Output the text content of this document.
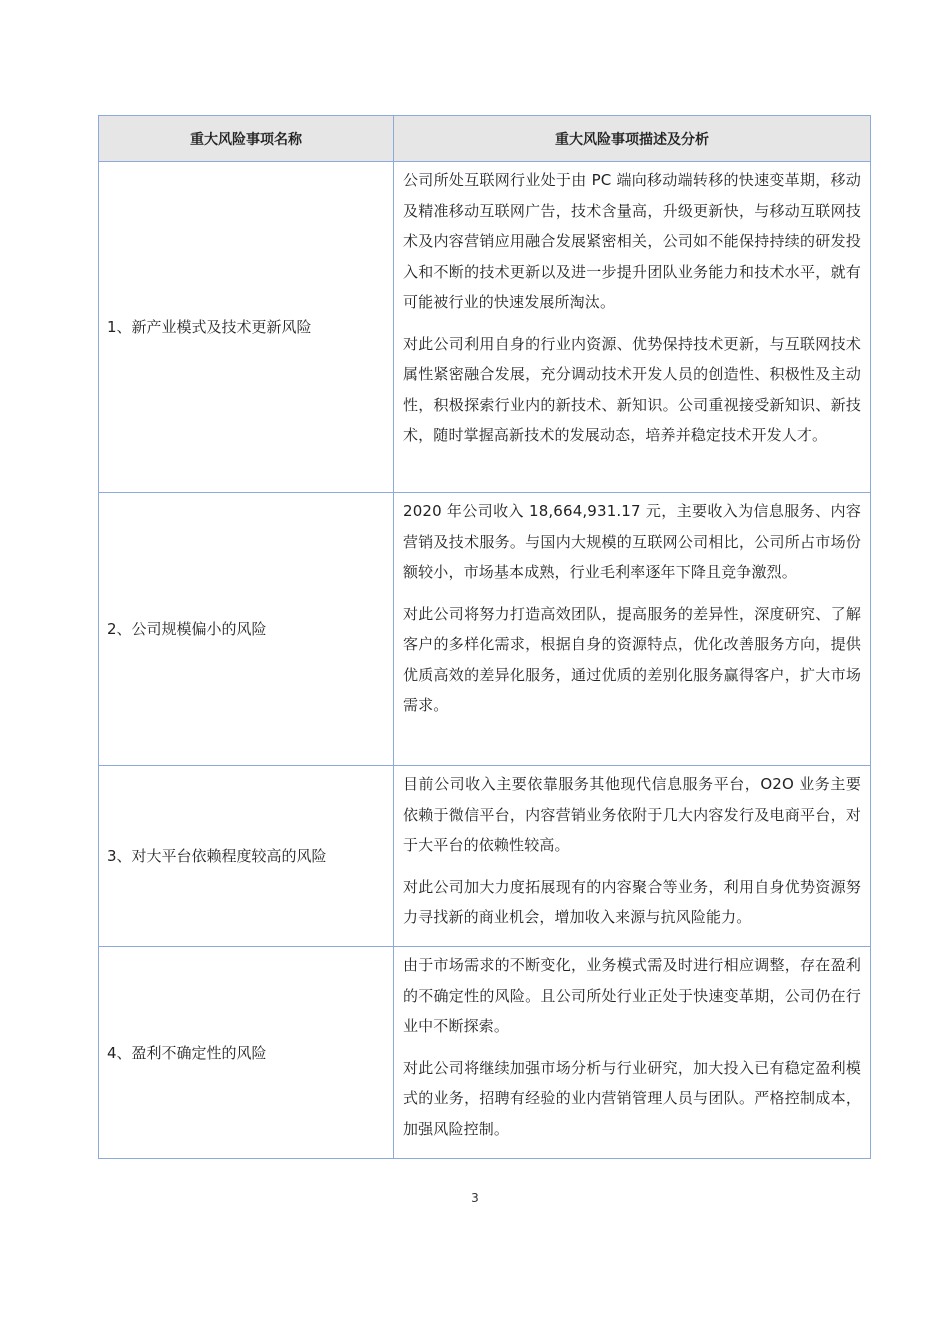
重大风险事项名称	重大风险事项描述及分析
1、新产业模式及技术更新风险	公司所处互联网行业处于由 PC 端向移动端转移的快速变革期，移动及精准移动互联网广告，技术含量高，升级更新快，与移动互联网技术及内容营销应用融合发展紧密相关，公司如不能保持持续的研发投入和不断的技术更新以及进一步提升团队业务能力和技术水平，就有可能被行业的快速发展所淘汰。

对此公司利用自身的行业内资源、优势保持技术更新，与互联网技术属性紧密融合发展，充分调动技术开发人员的创造性、积极性及主动性，积极探索行业内的新技术、新知识。公司重视接受新知识、新技术，随时掌握高新技术的发展动态，培养并稳定技术开发人才。

2、公司规模偏小的风险	2020 年公司收入 18,664,931.17 元，主要收入为信息服务、内容营销及技术服务。与国内大规模的互联网公司相比，公司所占市场份额较小，市场基本成熟，行业毛利率逐年下降且竞争激烈。

对此公司将努力打造高效团队，提高服务的差异性，深度研究、了解客户的多样化需求，根据自身的资源特点，优化改善服务方向，提供优质高效的差异化服务，通过优质的差别化服务赢得客户，扩大市场需求。

3、对大平台依赖程度较高的风险	目前公司收入主要依靠服务其他现代信息服务平台，O2O 业务主要依赖于微信平台，内容营销业务依附于几大内容发行及电商平台，对于大平台的依赖性较高。

对此公司加大力度拓展现有的内容聚合等业务，利用自身优势资源努力寻找新的商业机会，增加收入来源与抗风险能力。

4、盈利不确定性的风险	由于市场需求的不断变化，业务模式需及时进行相应调整，存在盈利的不确定性的风险。且公司所处行业正处于快速变革期，公司仍在行业中不断探索。

对此公司将继续加强市场分析与行业研究，加大投入已有稳定盈利模式的业务，招聘有经验的业内营销管理人员与团队。严格控制成本，加强风险控制。

3
